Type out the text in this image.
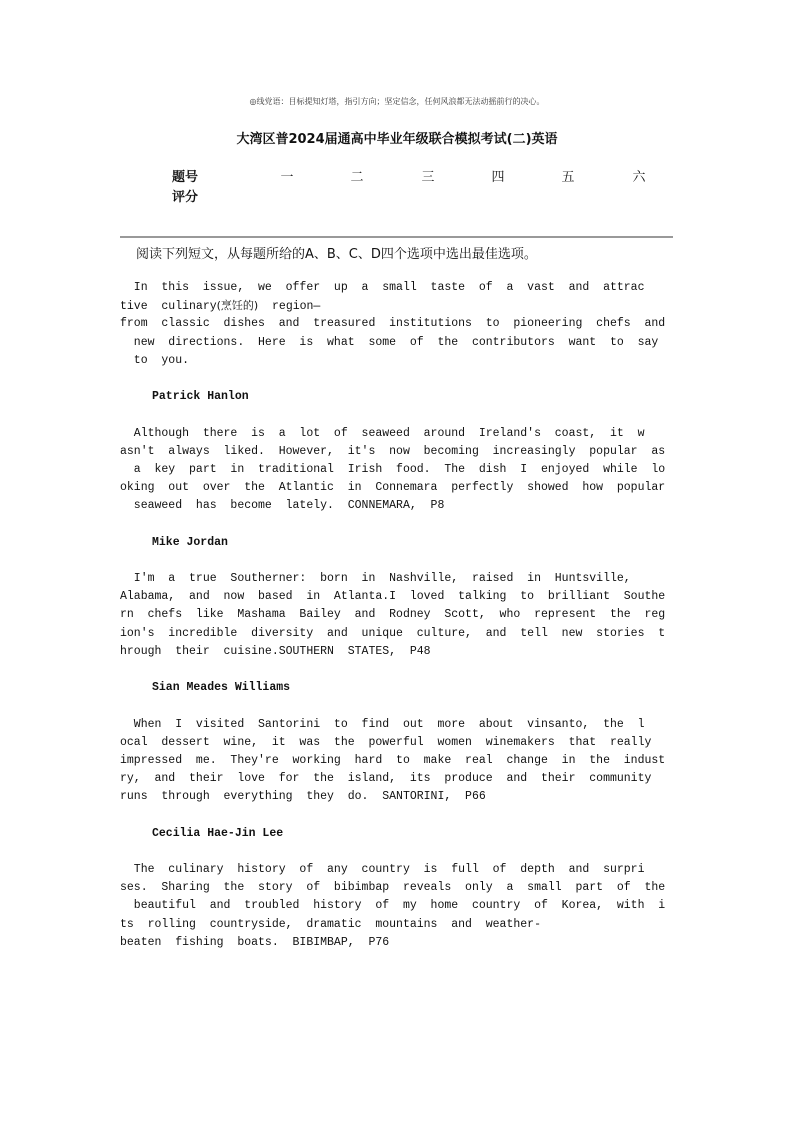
◎线党语：目标提知灯塔，指引方向；坚定信念，任何风浪都无法动摇前行的决心。
大湾区普2024届通高中毕业年级联合模拟考试(二)英语
题号	一	二	三	四	五	六
评分
阅读下列短文，从每题所给的A、B、C、D四个选项中选出最佳选项。
In  this  issue,  we  offer  up  a  small  taste  of  a  vast  and  attrac
tive  culinary(烹饪的)  region—
from  classic  dishes  and  treasured  institutions  to  pioneering  chefs  and
new  directions.  Here  is  what  some  of  the  contributors  want  to  say
to  you.
Patrick Hanlon
Although  there  is  a  lot  of  seaweed  around  Ireland's  coast,  it  w
asn't  always  liked.  However,  it's  now  becoming  increasingly  popular  as
a  key  part  in  traditional  Irish  food.  The  dish  I  enjoyed  while  lo
oking  out  over  the  Atlantic  in  Connemara  perfectly  showed  how  popular
seaweed  has  become  lately.  CONNEMARA,  P8
Mike Jordan
I'm  a  true  Southerner:  born  in  Nashville,  raised  in  Huntsville,
Alabama,  and  now  based  in  Atlanta.I  loved  talking  to  brilliant  Southe
rn  chefs  like  Mashama  Bailey  and  Rodney  Scott,  who  represent  the  reg
ion's  incredible  diversity  and  unique  culture,  and  tell  new  stories  t
hrough  their  cuisine.SOUTHERN  STATES,  P48
Sian Meades Williams
When  I  visited  Santorini  to  find  out  more  about  vinsanto,  the  l
ocal  dessert  wine,  it  was  the  powerful  women  winemakers  that  really
impressed  me.  They're  working  hard  to  make  real  change  in  the  indust
ry,  and  their  love  for  the  island,  its  produce  and  their  community
runs  through  everything  they  do.  SANTORINI,  P66
Cecilia Hae-Jin Lee
The  culinary  history  of  any  country  is  full  of  depth  and  surpri
ses.  Sharing  the  story  of  bibimbap  reveals  only  a  small  part  of  the
beautiful  and  troubled  history  of  my  home  country  of  Korea,  with  i
ts  rolling  countryside,  dramatic  mountains  and  weather-
beaten  fishing  boats.  BIBIMBAP,  P76
